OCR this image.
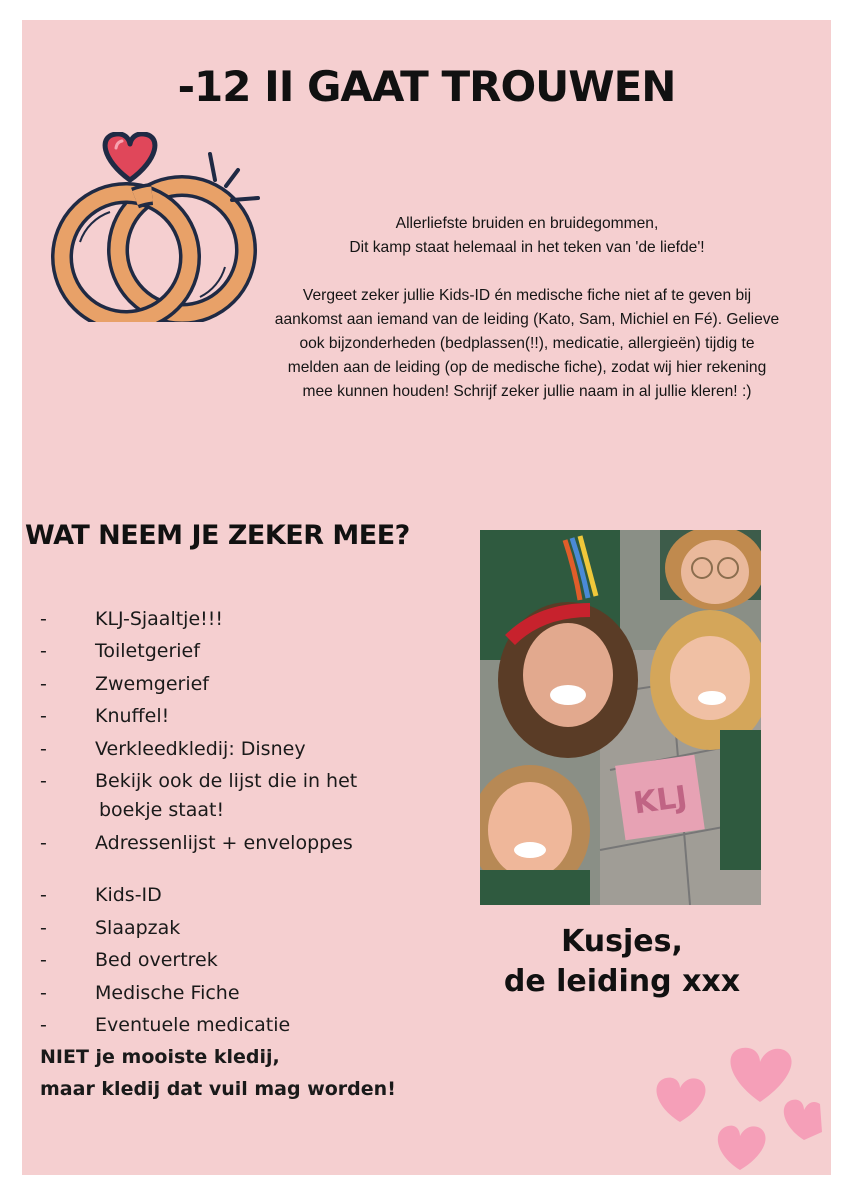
-12 II GAAT TROUWEN

Allerliefste bruiden en bruidegommen,

Dit kamp staat helemaal in het teken van 'de liefde'!

Vergeet zeker jullie Kids-ID én medische fiche niet af te geven bij

aankomst aan iemand van de leiding (Kato, Sam, Michiel en Fé). Gelieve

ook bijzonderheden (bedplassen(!!), medicatie, allergieën) tijdig te

melden aan de leiding (op de medische fiche), zodat wij hier rekening

mee kunnen houden! Schrijf zeker jullie naam in al jullie kleren! :)

WAT NEEM JE ZEKER MEE?
-	KLJ-Sjaaltje!!!
-	Toiletgerief
-	Zwemgerief
-	Knuffel!
-	Verkleedkledij: Disney
-	Bekijk ook de lijst die in het
boekje staat!
-	Adressenlijst + enveloppes
-	Kids-ID
-	Slaapzak
-	Bed overtrek
-	Medische Fiche
-	Eventuele medicatie
NIET je mooiste kledij,
maar kledij dat vuil mag worden!
KLJ
Kusjes,
de leiding xxx
